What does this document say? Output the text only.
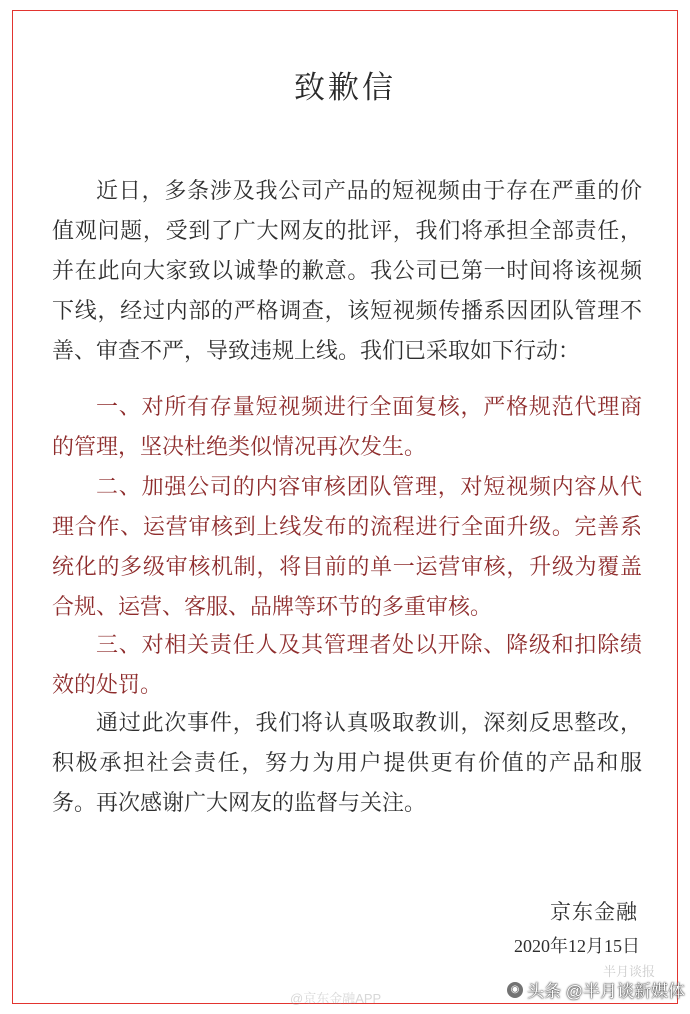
致歉信

近日，多条涉及我公司产品的短视频由于存在严重的价值观问题，受到了广大网友的批评，我们将承担全部责任，并在此向大家致以诚挚的歉意。我公司已第一时间将该视频下线，经过内部的严格调查，该短视频传播系因团队管理不善、审查不严，导致违规上线。我们已采取如下行动：

一、对所有存量短视频进行全面复核，严格规范代理商的管理，坚决杜绝类似情况再次发生。

二、加强公司的内容审核团队管理，对短视频内容从代理合作、运营审核到上线发布的流程进行全面升级。完善系统化的多级审核机制，将目前的单一运营审核，升级为覆盖合规、运营、客服、品牌等环节的多重审核。

三、对相关责任人及其管理者处以开除、降级和扣除绩效的处罚。

通过此次事件，我们将认真吸取教训，深刻反思整改，积极承担社会责任，努力为用户提供更有价值的产品和服务。再次感谢广大网友的监督与关注。

京东金融
2020年12月15日
@京东金融APP
半月谈报
◉ 头条 @半月谈新媒体
